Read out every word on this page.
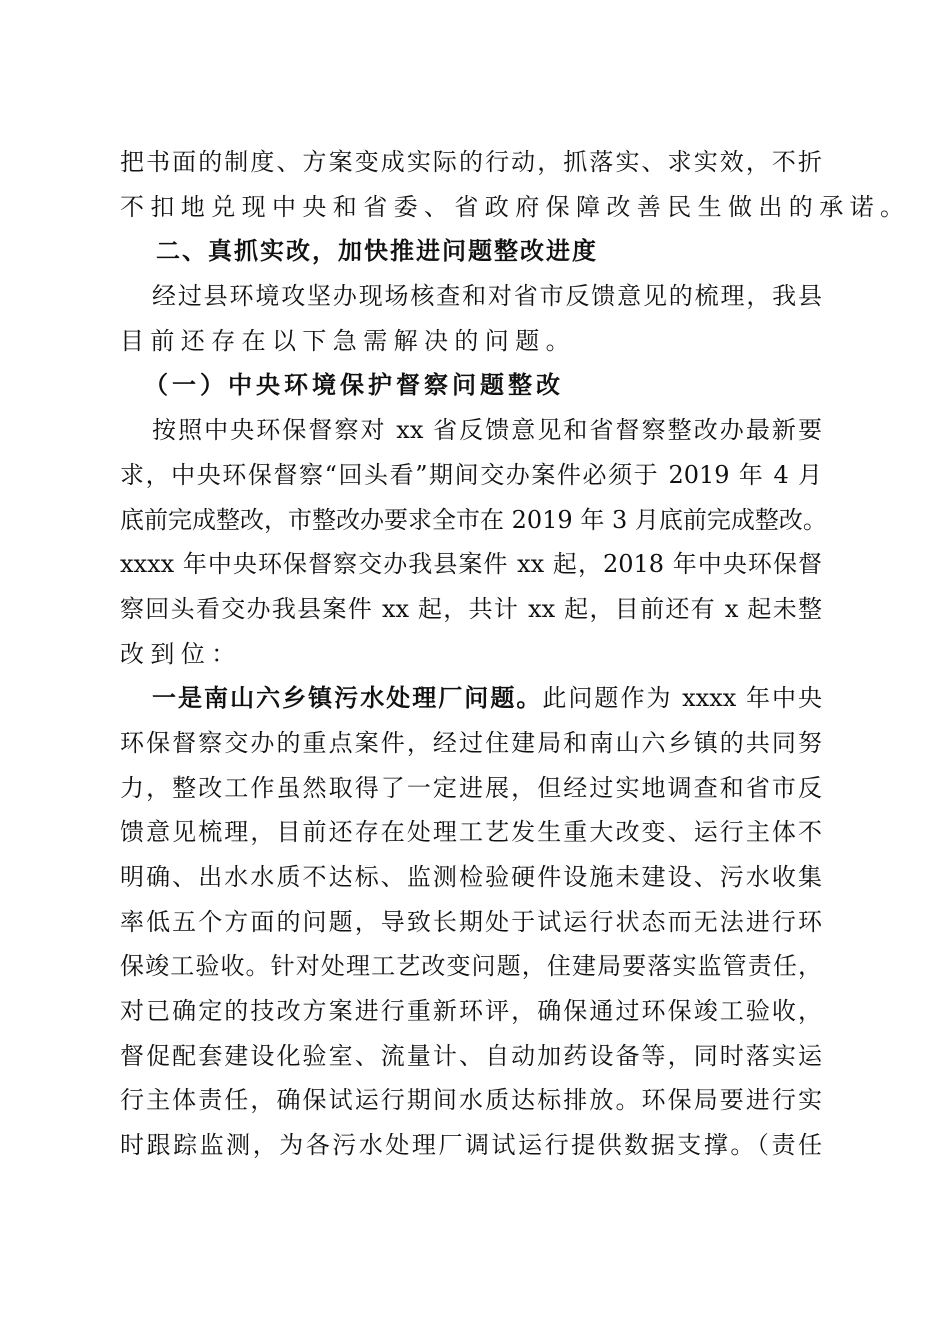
把书面的制度、方案变成实际的行动，抓落实、求实效，不折
不扣地兑现中央和省委、省政府保障改善民生做出的承诺。
二、真抓实改，加快推进问题整改进度
经过县环境攻坚办现场核查和对省市反馈意见的梳理，我县
目前还存在以下急需解决的问题。
（一）中央环境保护督察问题整改
按照中央环保督察对 xx 省反馈意见和省督察整改办最新要
求，中央环保督察“回头看”期间交办案件必须于 2019 年 4 月
底前完成整改，市整改办要求全市在 2019 年 3 月底前完成整改。
xxxx 年中央环保督察交办我县案件 xx 起，2018 年中央环保督
察回头看交办我县案件 xx 起，共计 xx 起，目前还有 x 起未整
改到位：
一是南山六乡镇污水处理厂问题。此问题作为 xxxx 年中央
环保督察交办的重点案件，经过住建局和南山六乡镇的共同努
力，整改工作虽然取得了一定进展，但经过实地调查和省市反
馈意见梳理，目前还存在处理工艺发生重大改变、运行主体不
明确、出水水质不达标、监测检验硬件设施未建设、污水收集
率低五个方面的问题，导致长期处于试运行状态而无法进行环
保竣工验收。针对处理工艺改变问题，住建局要落实监管责任，
对已确定的技改方案进行重新环评，确保通过环保竣工验收，
督促配套建设化验室、流量计、自动加药设备等，同时落实运
行主体责任，确保试运行期间水质达标排放。环保局要进行实
时跟踪监测，为各污水处理厂调试运行提供数据支撑。（责任
